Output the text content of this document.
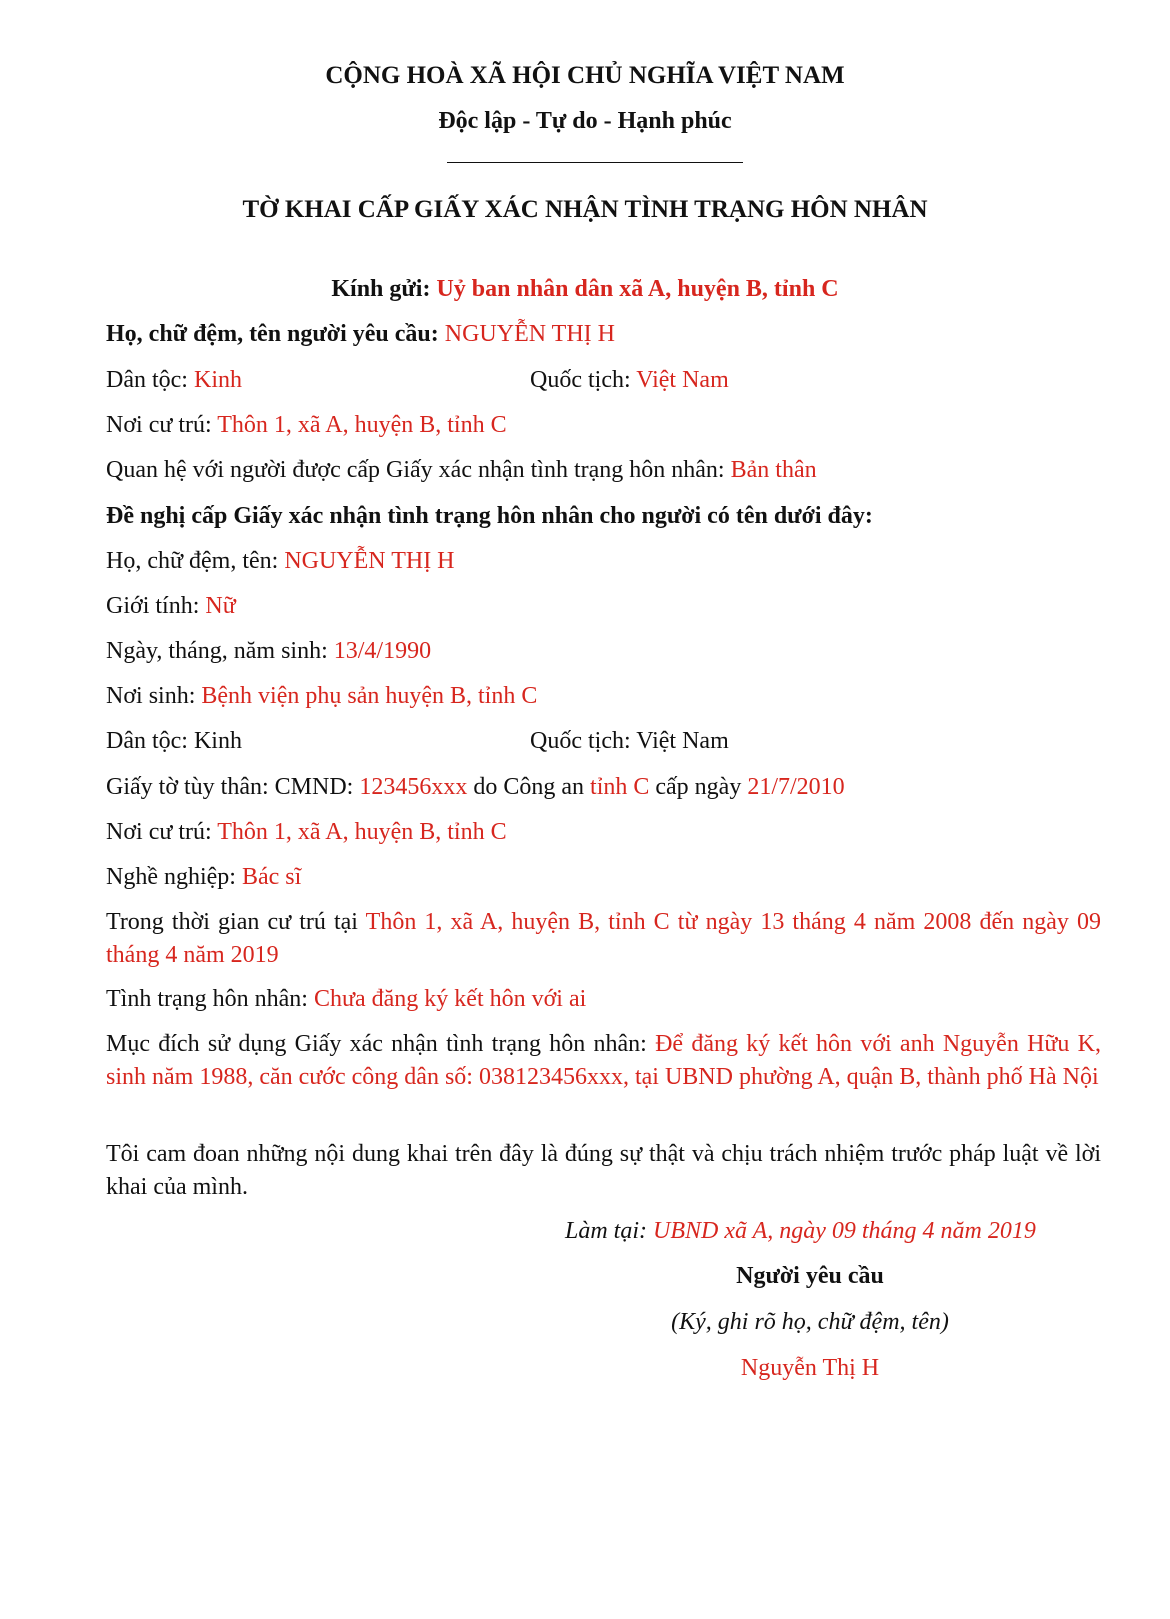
CỘNG HOÀ XÃ HỘI CHỦ NGHĨA VIỆT NAM
Độc lập - Tự do - Hạnh phúc
TỜ KHAI CẤP GIẤY XÁC NHẬN TÌNH TRẠNG HÔN NHÂN
Kính gửi: Uỷ ban nhân dân xã A, huyện B, tỉnh C
Họ, chữ đệm, tên người yêu cầu: NGUYỄN THỊ H
Dân tộc: Kinh	Quốc tịch: Việt Nam
Nơi cư trú: Thôn 1, xã A, huyện B, tỉnh C
Quan hệ với người được cấp Giấy xác nhận tình trạng hôn nhân: Bản thân
Đề nghị cấp Giấy xác nhận tình trạng hôn nhân cho người có tên dưới đây:
Họ, chữ đệm, tên: NGUYỄN THỊ H
Giới tính: Nữ
Ngày, tháng, năm sinh: 13/4/1990
Nơi sinh: Bệnh viện phụ sản huyện B, tỉnh C
Dân tộc: Kinh	Quốc tịch: Việt Nam
Giấy tờ tùy thân: CMND: 123456xxx do Công an tỉnh C cấp ngày 21/7/2010
Nơi cư trú: Thôn 1, xã A, huyện B, tỉnh C
Nghề nghiệp: Bác sĩ
Trong thời gian cư trú tại Thôn 1, xã A, huyện B, tỉnh C từ ngày 13 tháng 4 năm 2008 đến ngày 09 tháng 4 năm 2019
Tình trạng hôn nhân: Chưa đăng ký kết hôn với ai
Mục đích sử dụng Giấy xác nhận tình trạng hôn nhân: Để đăng ký kết hôn với anh Nguyễn Hữu K, sinh năm 1988, căn cước công dân số: 038123456xxx, tại UBND phường A, quận B, thành phố Hà Nội
Tôi cam đoan những nội dung khai trên đây là đúng sự thật và chịu trách nhiệm trước pháp luật về lời khai của mình.
Làm tại: UBND xã A, ngày 09 tháng 4 năm 2019
Người yêu cầu
(Ký, ghi rõ họ, chữ đệm, tên)
Nguyễn Thị H
